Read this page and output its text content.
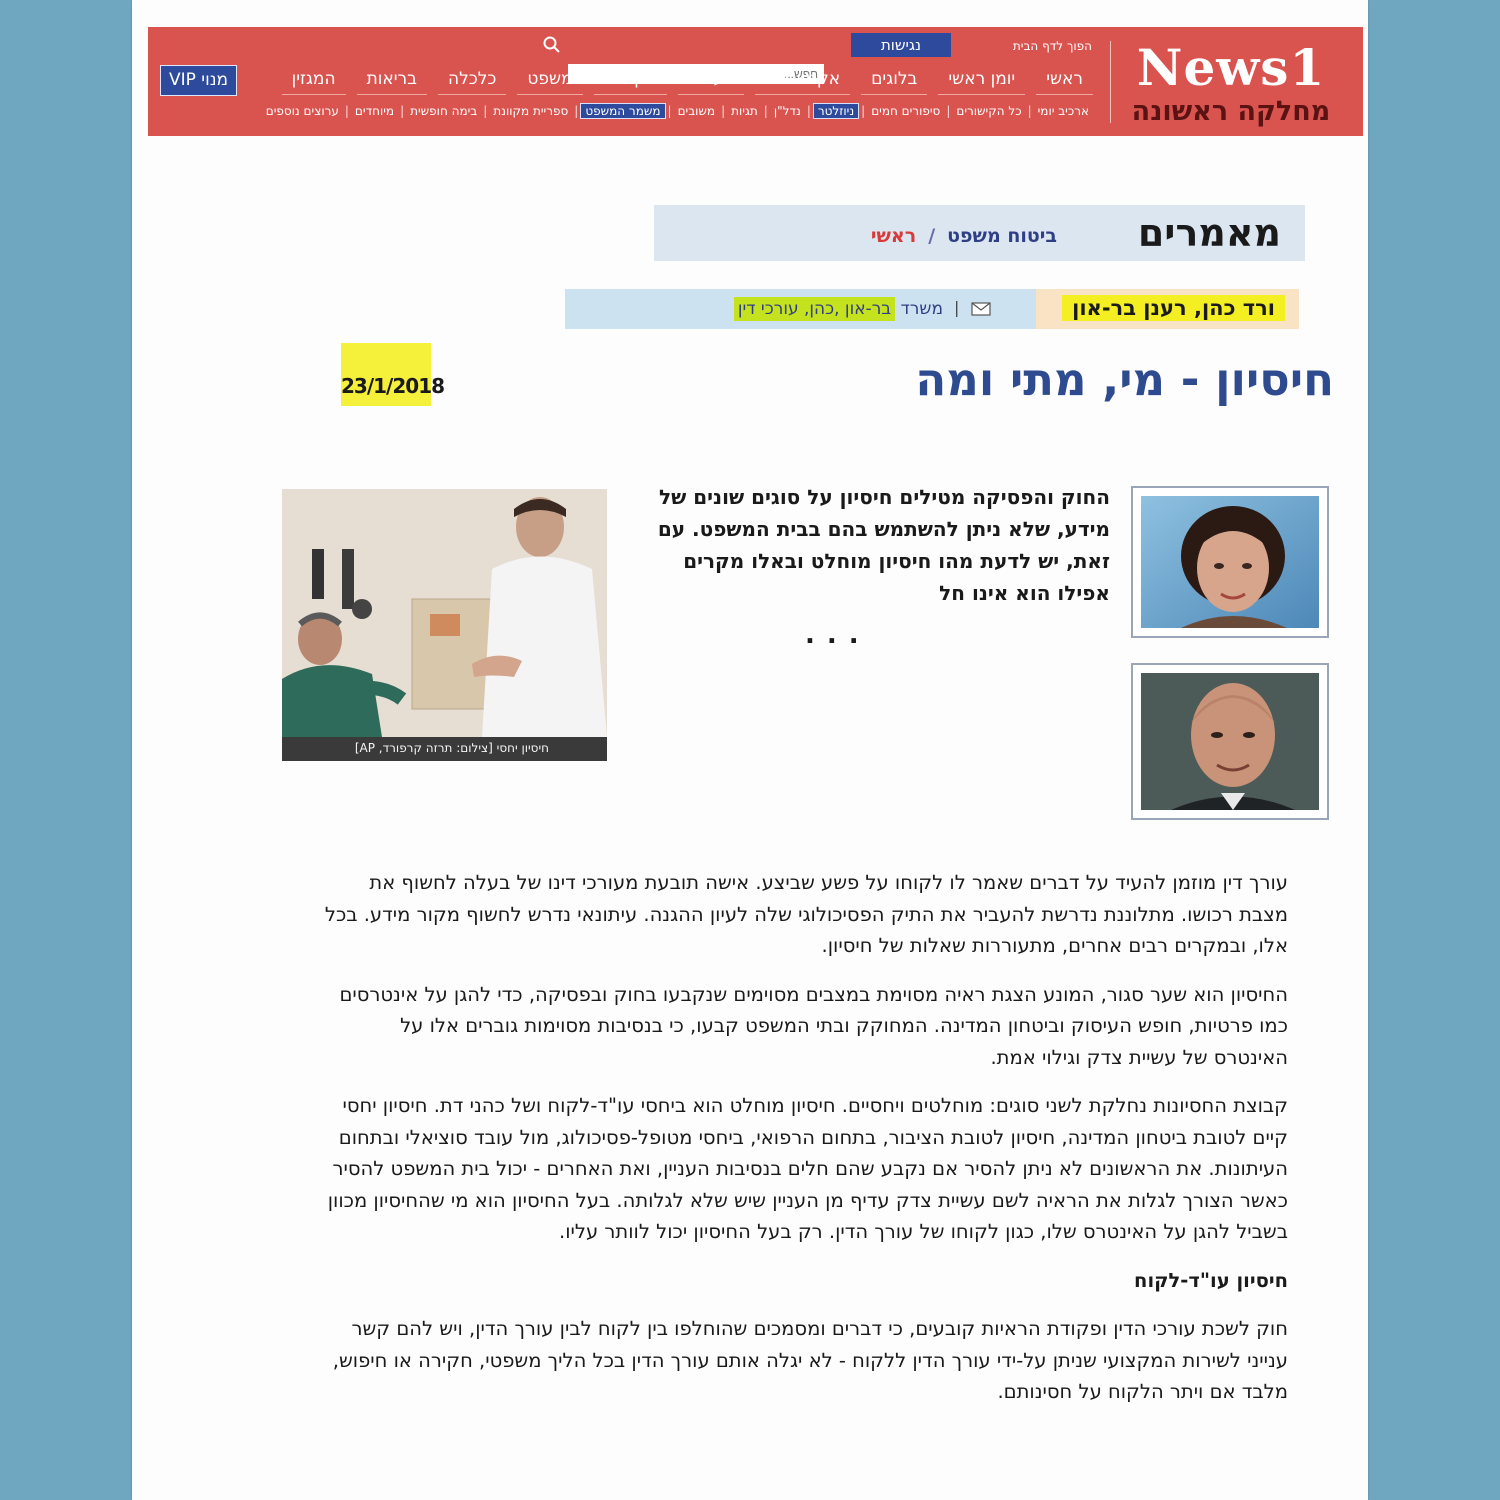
News1
מחלקה ראשונה
הפוך לדף הבית
נגישות
חפש...
ראשי
יומן ראשי
בלוגים
אקטואליה
בעולם
סקופים
משפט
כלכלה
בריאות
המגזין
מנוי VIP
ארכיב יומי
|
כל הקישורים
|
סיפורים חמים
|
ניוזלטר
|
נדל"ן
|
תגיות
|
משובים
|
משמר המשפט
|
ספריית מקוונת
|
בימה חופשית
|
מיוחדים
|
ערוצים נוספים
מאמרים
ראשי / ביטוח משפט
ורד כהן, רענן בר-און
|
משרד בר-און ,כהן, עורכי דין
23/1/2018	חיסיון - מי, מתי ומה
החוק והפסיקה מטילים חיסיון על סוגים שונים של מידע, שלא ניתן להשתמש בהם בבית המשפט. עם זאת, יש לדעת מהו חיסיון מוחלט ובאלו מקרים אפילו הוא אינו חל
...
חיסיון יחסי [צילום: תרזה קרפורד, AP]

עורך דין מוזמן להעיד על דברים שאמר לו לקוחו על פשע שביצע. אישה תובעת מעורכי דינו של בעלה לחשוף את מצבת רכושו. מתלוננת נדרשת להעביר את התיק הפסיכולוגי שלה לעיון ההגנה. עיתונאי נדרש לחשוף מקור מידע. בכל אלו, ובמקרים רבים אחרים, מתעוררות שאלות של חיסיון.

החיסיון הוא שער סגור, המונע הצגת ראיה מסוימת במצבים מסוימים שנקבעו בחוק ובפסיקה, כדי להגן על אינטרסים כמו פרטיות, חופש העיסוק וביטחון המדינה. המחוקק ובתי המשפט קבעו, כי בנסיבות מסוימות גוברים אלו על האינטרס של עשיית צדק וגילוי אמת.

קבוצת החסיונות נחלקת לשני סוגים: מוחלטים ויחסיים. חיסיון מוחלט הוא ביחסי עו"ד-לקוח ושל כהני דת. חיסיון יחסי קיים לטובת ביטחון המדינה, חיסיון לטובת הציבור, בתחום הרפואי, ביחסי מטופל-פסיכולוג, מול עובד סוציאלי ובתחום העיתונות. את הראשונים לא ניתן להסיר אם נקבע שהם חלים בנסיבות העניין, ואת האחרים - יכול בית המשפט להסיר כאשר הצורך לגלות את הראיה לשם עשיית צדק עדיף מן העניין שיש שלא לגלותה. בעל החיסיון הוא מי שהחיסיון מכוון בשביל להגן על האינטרס שלו, כגון לקוחו של עורך הדין. רק בעל החיסיון יכול לוותר עליו.

חיסיון עו"ד-לקוח

חוק לשכת עורכי הדין ופקודת הראיות קובעים, כי דברים ומסמכים שהוחלפו בין לקוח לבין עורך הדין, ויש להם קשר ענייני לשירות המקצועי שניתן על-ידי עורך הדין ללקוח - לא יגלה אותם עורך הדין בכל הליך משפטי, חקירה או חיפוש, מלבד אם ויתר הלקוח על חסינותם.
